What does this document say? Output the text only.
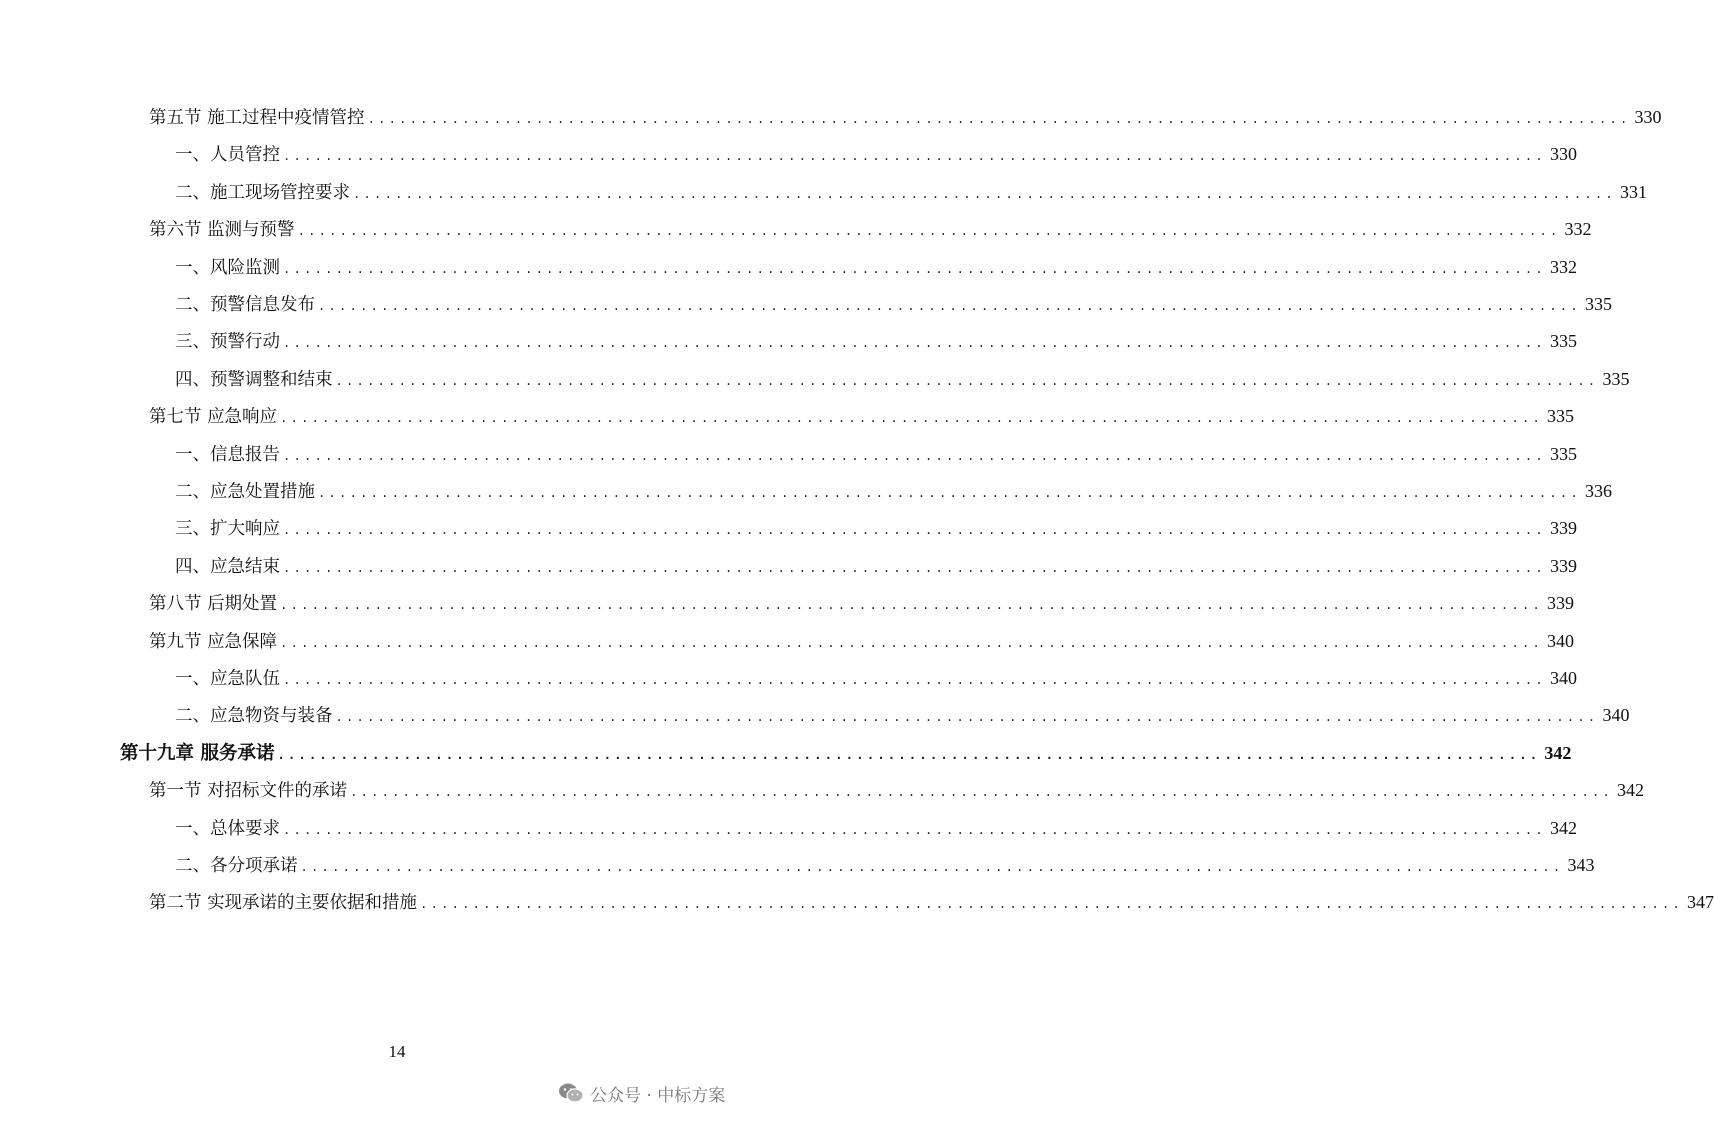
第五节 施工过程中疫情管控 ........................................................................................................................ 330
一、人员管控 ........................................................................................................................ 330
二、施工现场管控要求 ........................................................................................................................ 331
第六节 监测与预警 ........................................................................................................................ 332
一、风险监测 ........................................................................................................................ 332
二、预警信息发布 ........................................................................................................................ 335
三、预警行动 ........................................................................................................................ 335
四、预警调整和结束 ........................................................................................................................ 335
第七节 应急响应 ........................................................................................................................ 335
一、信息报告 ........................................................................................................................ 335
二、应急处置措施 ........................................................................................................................ 336
三、扩大响应 ........................................................................................................................ 339
四、应急结束 ........................................................................................................................ 339
第八节 后期处置 ........................................................................................................................ 339
第九节 应急保障 ........................................................................................................................ 340
一、应急队伍 ........................................................................................................................ 340
二、应急物资与装备 ........................................................................................................................ 340
第十九章 服务承诺 ........................................................................................................................ 342
第一节 对招标文件的承诺 ........................................................................................................................ 342
一、总体要求 ........................................................................................................................ 342
二、各分项承诺 ........................................................................................................................ 343
第二节 实现承诺的主要依据和措施 ........................................................................................................................ 347
14
公众号 · 中标方案
